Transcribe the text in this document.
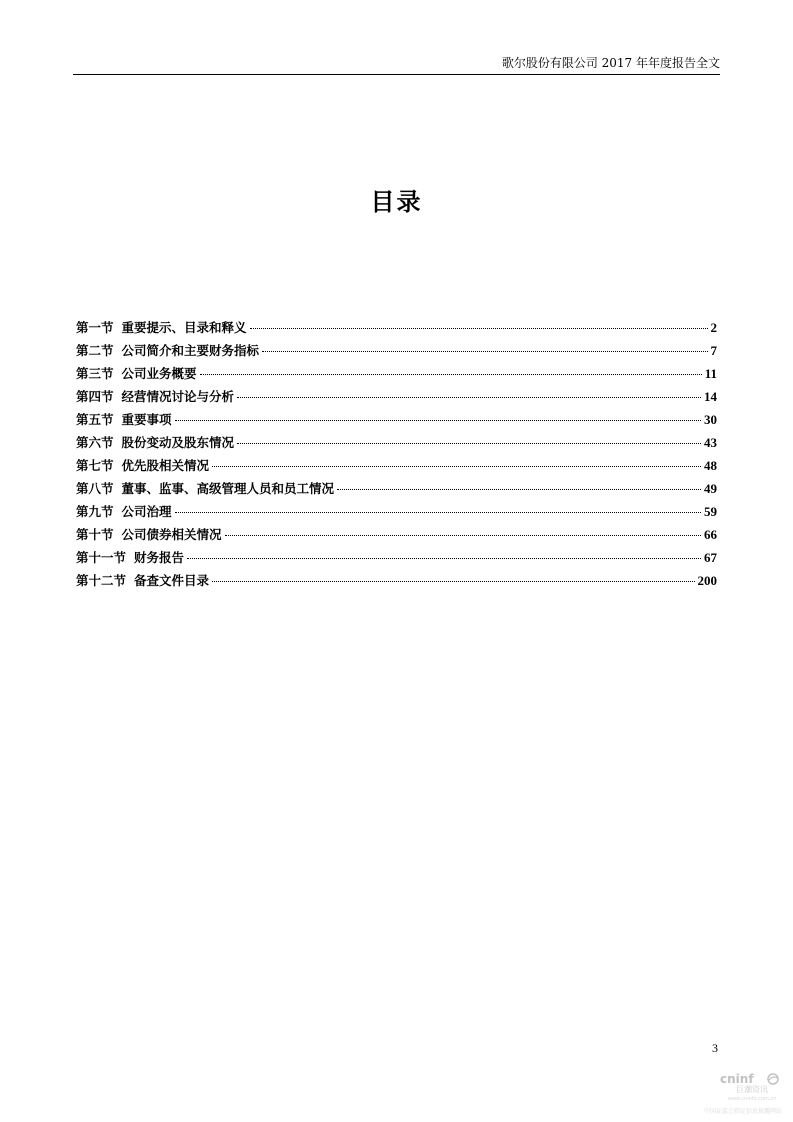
歌尔股份有限公司 2017 年年度报告全文
目录
第一节 重要提示、目录和释义	2
第二节 公司简介和主要财务指标	7
第三节 公司业务概要	11
第四节 经营情况讨论与分析	14
第五节 重要事项	30
第六节 股份变动及股东情况	43
第七节 优先股相关情况	48
第八节 董事、监事、高级管理人员和员工情况	49
第九节 公司治理	59
第十节 公司债券相关情况	66
第十一节 财务报告	67
第十二节 备查文件目录	200
3
cninf
巨潮资讯
www.cninfo.com.cn
中国证监会指定信息披露网站
